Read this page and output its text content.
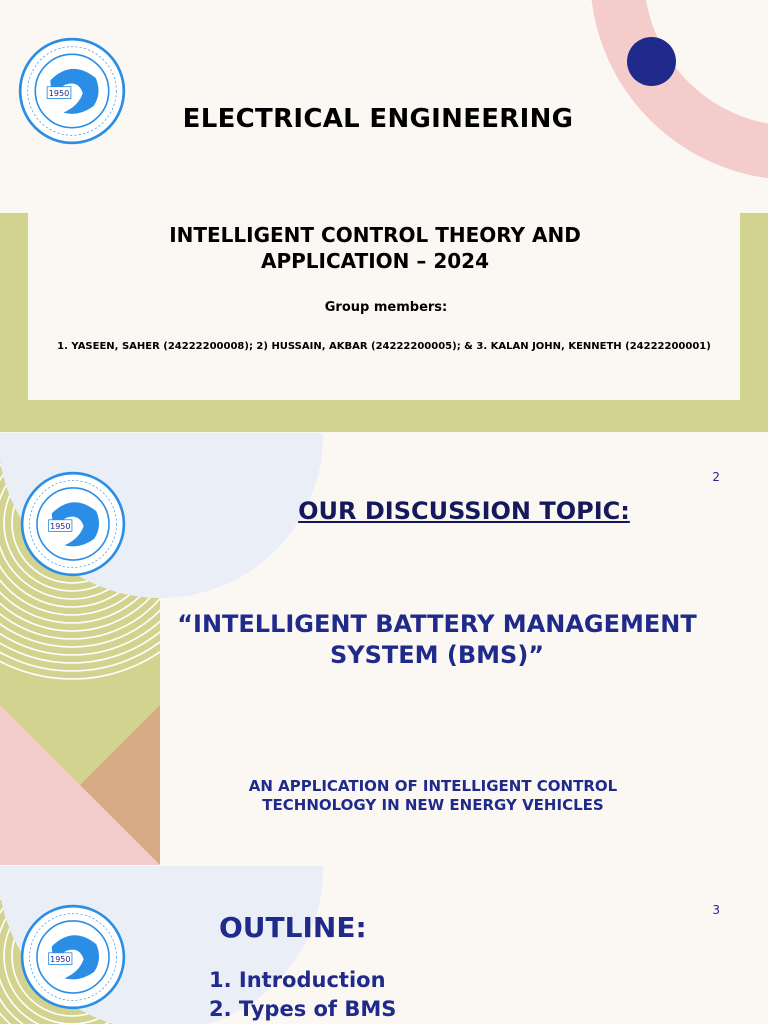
1950
ELECTRICAL ENGINEERING
INTELLIGENT CONTROL THEORY AND
APPLICATION – 2024
Group members:
1. YASEEN, SAHER (24222200008); 2) HUSSAIN, AKBAR (24222200005); & 3. KALAN JOHN, KENNETH (24222200001)
1950
2
OUR DISCUSSION TOPIC:
“INTELLIGENT BATTERY MANAGEMENT
SYSTEM (BMS)”
AN APPLICATION OF INTELLIGENT CONTROL
TECHNOLOGY IN NEW ENERGY VEHICLES
1950
3
OUTLINE:
1. Introduction
2. Types of BMS
